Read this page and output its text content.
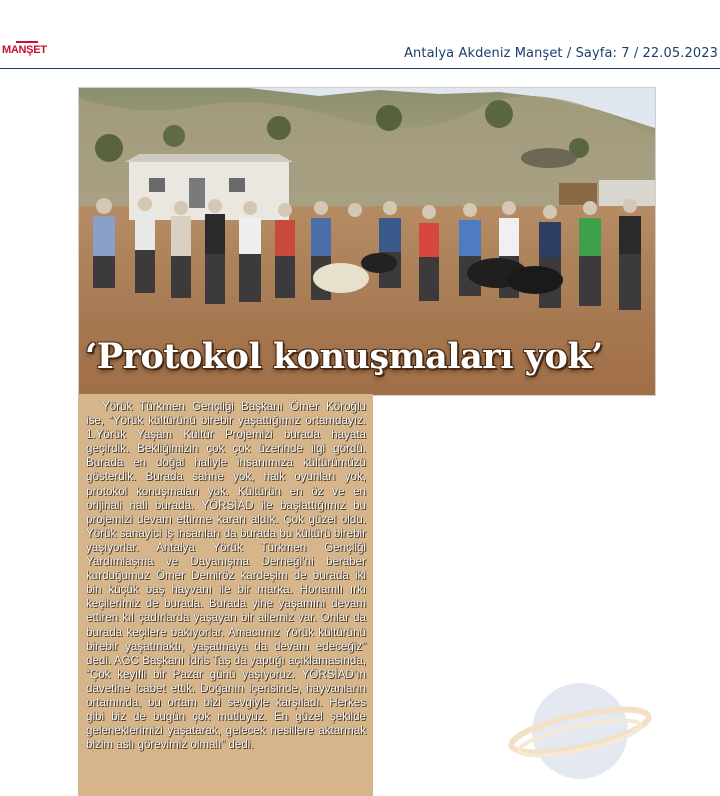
MANŞET	Antalya Akdeniz Manşet / Sayfa: 7 / 22.05.2023
‘Protokol konuşmaları yok’

Yörük Türkmen Gençliği Başkanı Ömer Köroğlu ise, “Yörük kültürünü birebir yaşattığımız ortamdayız. 1.Yörük Yaşam Kültür Projemizi burada hayata geçirdik. Bekliğimizin çok çok üzerinde ilgi gördü. Burada en doğal haliyle insanımıza kültürümüzü gösterdik. Burada sahne yok, halk oyunları yok, protokol konuşmaları yok. Kültürün en öz ve en orijinali hali burada. YÖRSİAD ile başlattığımız bu projemizi devam ettirme kararı aldık. Çok güzel oldu. Yörük sanayici iş insanları da burada bu kültürü birebir yaşıyorlar. Antalya Yörük Türkmen Gençliği Yardımlaşma ve Dayanışma Derneği’ni beraber kurduğumuz Ömer Demiröz kardeşim de burada iki bin küçük baş hayvanı ile bir marka. Honamlı ırkı keçilerimiz de burada. Burada yine yaşamını devam ettiren kıl çadırlarda yaşayan bir ailemiz var. Onlar da burada keçilere bakıyorlar. Amacımız Yörük kültürünü birebir yaşatmaktı, yaşatmaya da devam edeceğiz” dedi. AGC Başkanı İdris Taş da yaptığı açıklamasında, “Çok keyifli bir Pazar günü yaşıyoruz. YÖRSİAD’ın davetine icabet ettik. Doğanın içerisinde, hayvanların ortamında, bu ortam bizi sevgiyle karşıladı. Herkes gibi biz de bugün çok mutluyuz. En güzel şekilde geleneklerimizi yaşatarak, gelecek nesillere aktarmak bizim aslı görevimiz olmalı” dedi.
